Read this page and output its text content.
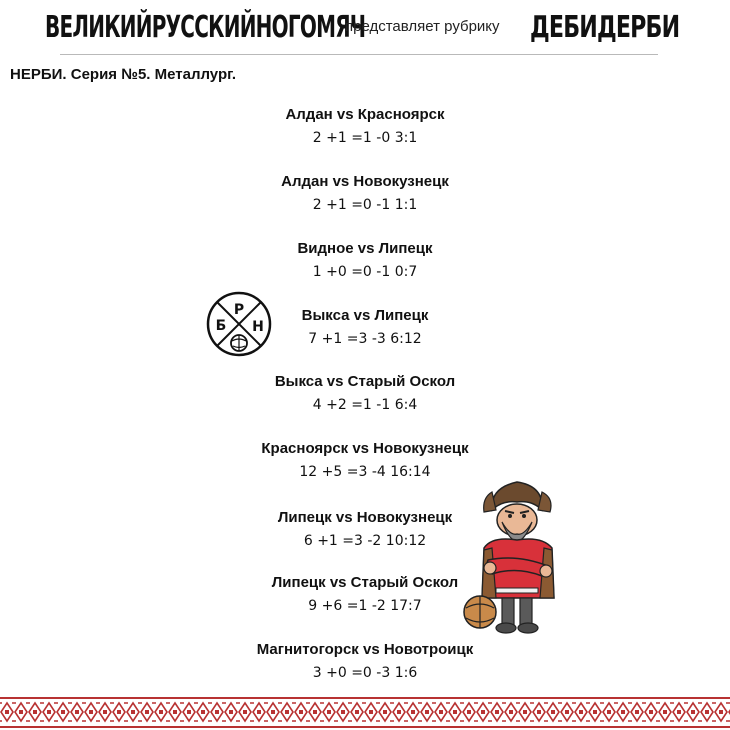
ВЕЛИКИЙРУССКИЙНОГОМЯЧ
представляет рубрику ДЕБИДЕРБИ
НЕРБИ. Серия №5. Металлург.
Алдан vs Красноярск
2 +1 =1 -0 3:1
Алдан vs Новокузнецк
2 +1 =0 -1 1:1
Видное vs Липецк
1 +0 =0 -1 0:7
Выкса vs Липецк
7 +1 =3 -3 6:12
Выкса vs Старый Оскол
4 +2 =1 -1 6:4
Красноярск vs Новокузнецк
12 +5 =3 -4 16:14
Липецк vs Новокузнецк
6 +1 =3 -2 10:12
Липецк vs Старый Оскол
9 +6 =1 -2 17:7
Магнитогорск vs Новотроицк
3 +0 =0 -3 1:6
Р
Б Н
